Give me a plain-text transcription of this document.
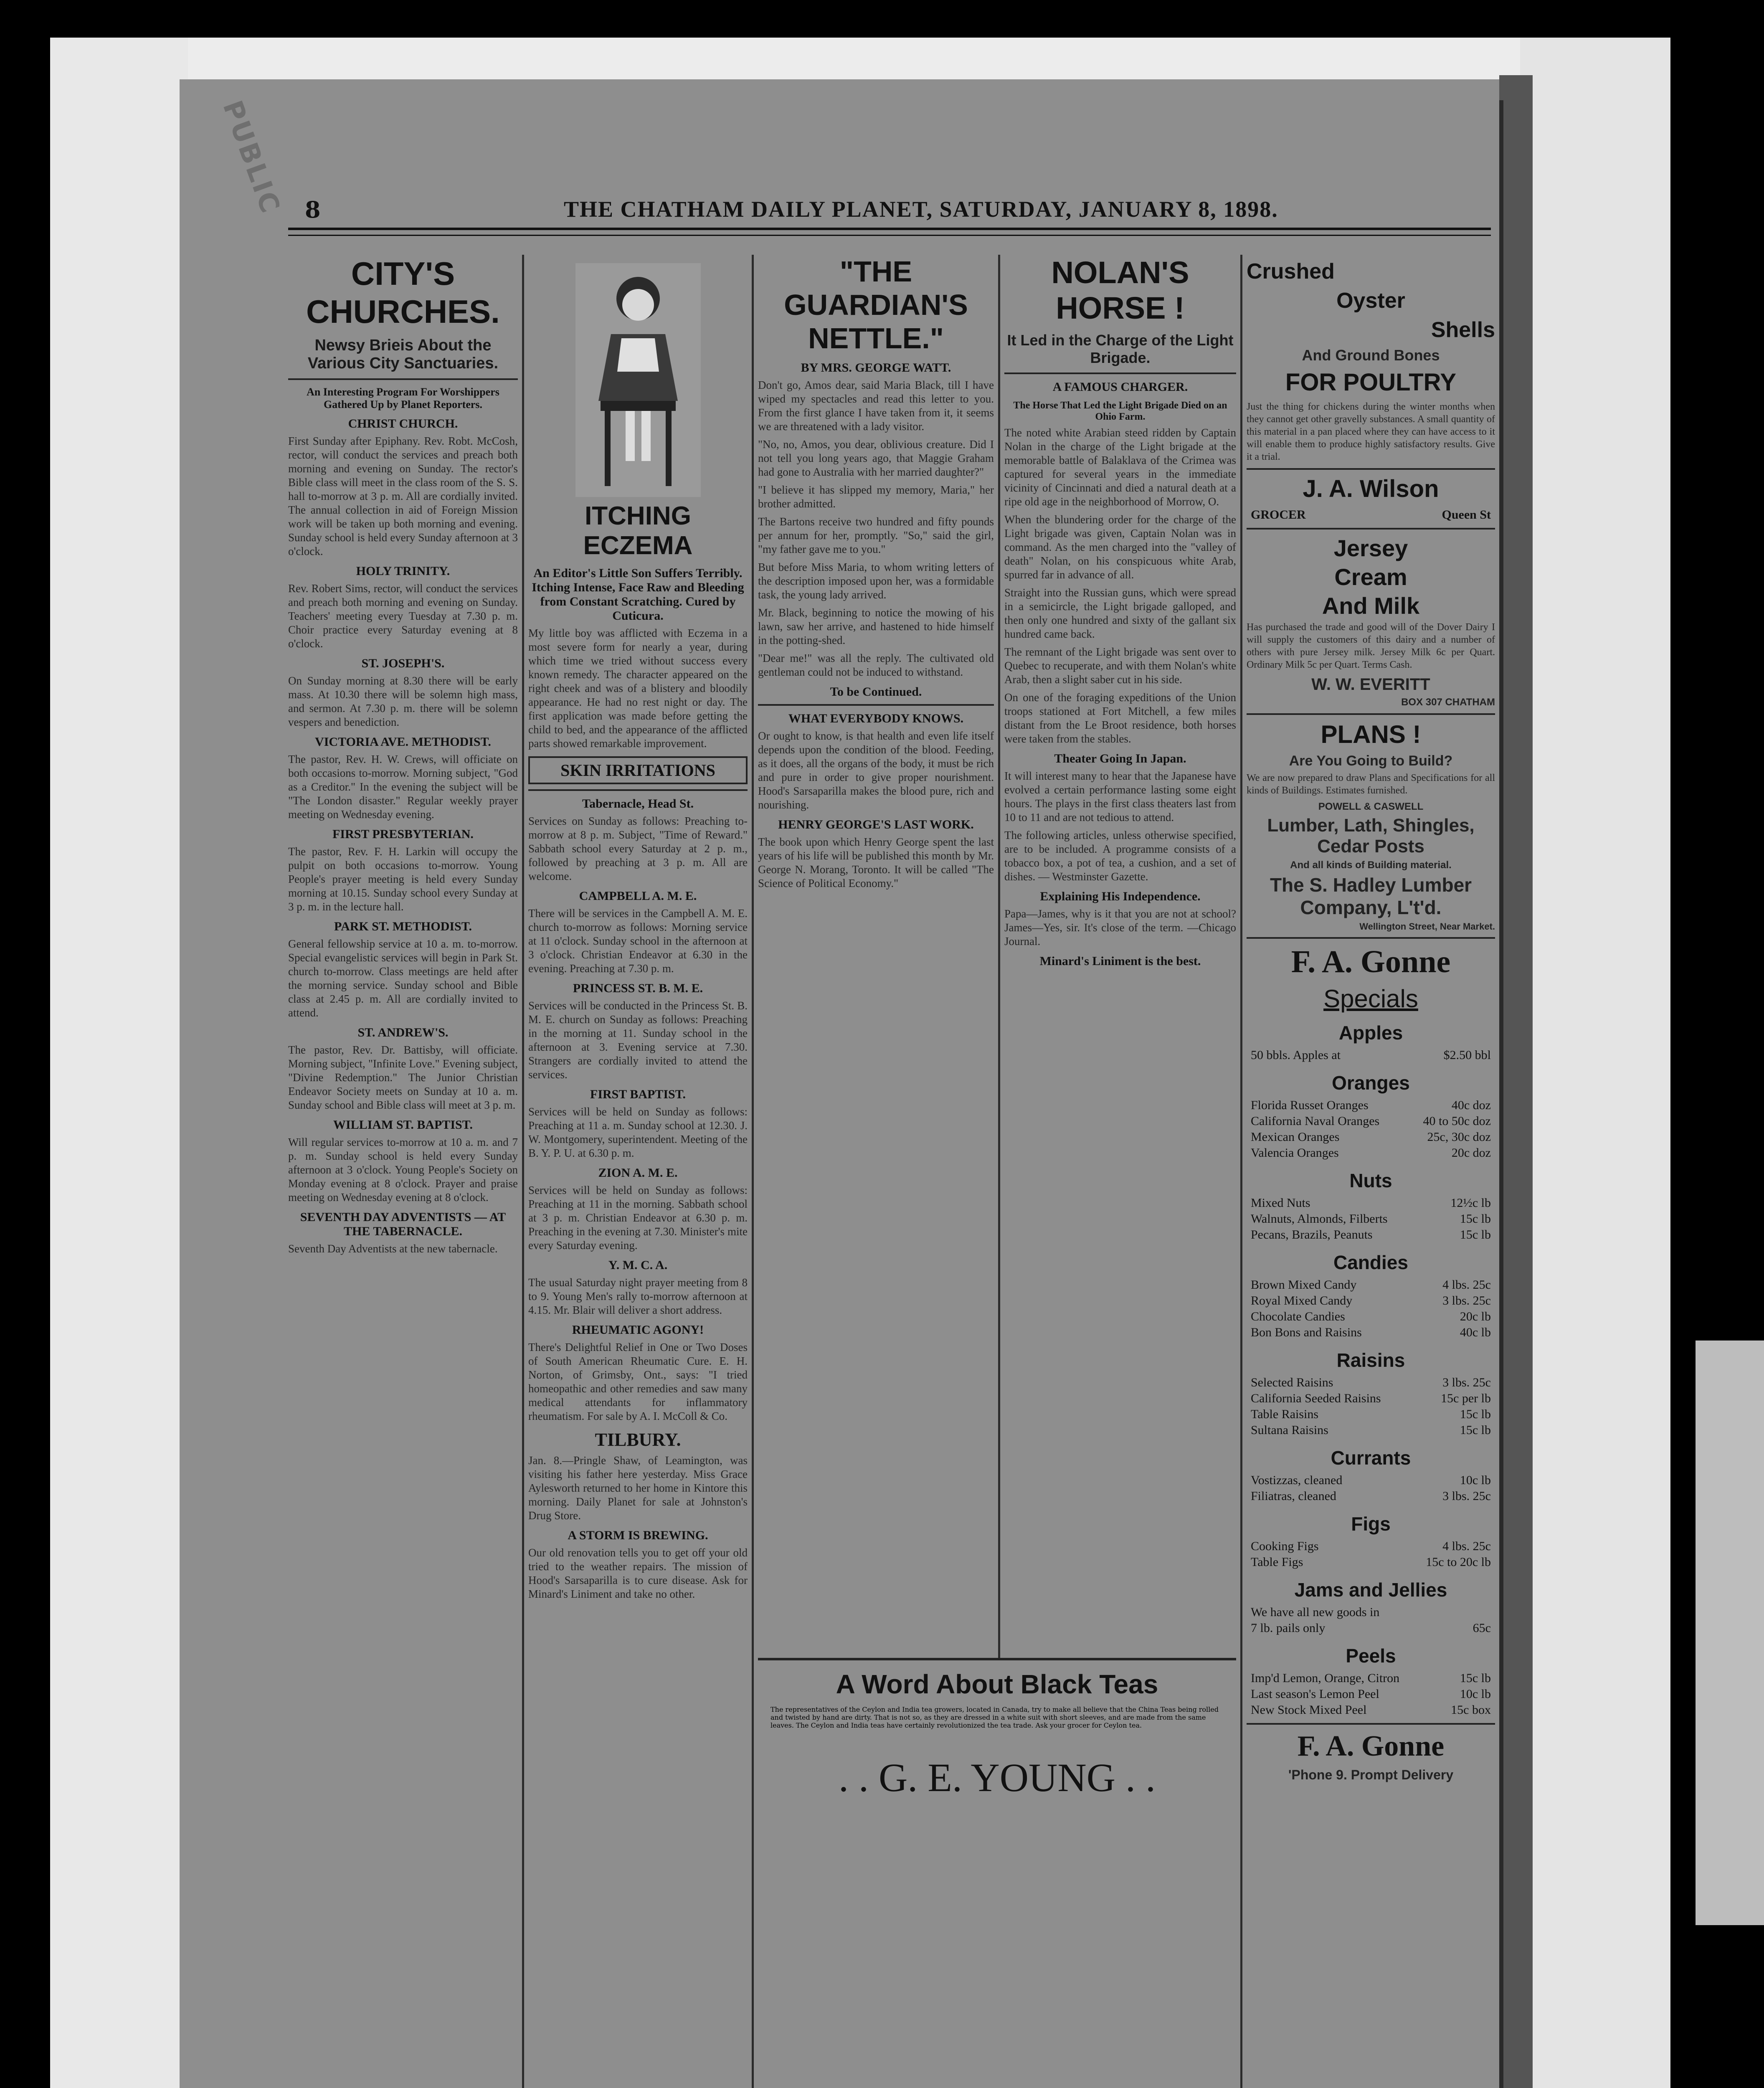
PUBLIC 8	THE CHATHAM DAILY PLANET, SATURDAY, JANUARY 8, 1898.
CITY'S CHURCHES.
Newsy Brieis About the Various City Sanctuaries.
An Interesting Program For Worshippers Gathered Up by Planet Reporters.
CHRIST CHURCH.

First Sunday after Epiphany. Rev. Robt. McCosh, rector, will conduct the services and preach both morning and evening on Sunday. The rector's Bible class will meet in the class room of the S. S. hall to-morrow at 3 p. m. All are cordially invited. The annual collection in aid of Foreign Mission work will be taken up both morning and evening. Sunday school is held every Sunday afternoon at 3 o'clock.

HOLY TRINITY.

Rev. Robert Sims, rector, will conduct the services and preach both morning and evening on Sunday. Teachers' meeting every Tuesday at 7.30 p. m. Choir practice every Saturday evening at 8 o'clock.

ST. JOSEPH'S.

On Sunday morning at 8.30 there will be early mass. At 10.30 there will be solemn high mass, and sermon. At 7.30 p. m. there will be solemn vespers and benediction.

VICTORIA AVE. METHODIST.

The pastor, Rev. H. W. Crews, will officiate on both occasions to-morrow. Morning subject, "God as a Creditor." In the evening the subject will be "The London disaster." Regular weekly prayer meeting on Wednesday evening.

FIRST PRESBYTERIAN.

The pastor, Rev. F. H. Larkin will occupy the pulpit on both occasions to-morrow. Young People's prayer meeting is held every Sunday morning at 10.15. Sunday school every Sunday at 3 p. m. in the lecture hall.

PARK ST. METHODIST.

General fellowship service at 10 a. m. to-morrow. Special evangelistic services will begin in Park St. church to-morrow. Class meetings are held after the morning service. Sunday school and Bible class at 2.45 p. m. All are cordially invited to attend.

ST. ANDREW'S.

The pastor, Rev. Dr. Battisby, will officiate. Morning subject, "Infinite Love." Evening subject, "Divine Redemption." The Junior Christian Endeavor Society meets on Sunday at 10 a. m. Sunday school and Bible class will meet at 3 p. m.

WILLIAM ST. BAPTIST.

Will regular services to-morrow at 10 a. m. and 7 p. m. Sunday school is held every Sunday afternoon at 3 o'clock. Young People's Society on Monday evening at 8 o'clock. Prayer and praise meeting on Wednesday evening at 8 o'clock.

SEVENTH DAY ADVENTISTS — AT THE TABERNACLE.

Seventh Day Adventists at the new tabernacle.

ITCHING ECZEMA
An Editor's Little Son Suffers Terribly. Itching Intense, Face Raw and Bleeding from Constant Scratching. Cured by Cuticura.

My little boy was afflicted with Eczema in a most severe form for nearly a year, during which time we tried without success every known remedy. The character appeared on the right cheek and was of a blistery and bloodily appearance. He had no rest night or day. The first application was made before getting the child to bed, and the appearance of the afflicted parts showed remarkable improvement.

SKIN IRRITATIONS
Tabernacle, Head St.

Services on Sunday as follows: Preaching to-morrow at 8 p. m. Subject, "Time of Reward." Sabbath school every Saturday at 2 p. m., followed by preaching at 3 p. m. All are welcome.

CAMPBELL A. M. E.

There will be services in the Campbell A. M. E. church to-morrow as follows: Morning service at 11 o'clock. Sunday school in the afternoon at 3 o'clock. Christian Endeavor at 6.30 in the evening. Preaching at 7.30 p. m.

PRINCESS ST. B. M. E.

Services will be conducted in the Princess St. B. M. E. church on Sunday as follows: Preaching in the morning at 11. Sunday school in the afternoon at 3. Evening service at 7.30. Strangers are cordially invited to attend the services.

FIRST BAPTIST.

Services will be held on Sunday as follows: Preaching at 11 a. m. Sunday school at 12.30. J. W. Montgomery, superintendent. Meeting of the B. Y. P. U. at 6.30 p. m.

ZION A. M. E.

Services will be held on Sunday as follows: Preaching at 11 in the morning. Sabbath school at 3 p. m. Christian Endeavor at 6.30 p. m. Preaching in the evening at 7.30. Minister's mite every Saturday evening.

Y. M. C. A.

The usual Saturday night prayer meeting from 8 to 9. Young Men's rally to-morrow afternoon at 4.15. Mr. Blair will deliver a short address.

RHEUMATIC AGONY!

There's Delightful Relief in One or Two Doses of South American Rheumatic Cure. E. H. Norton, of Grimsby, Ont., says: "I tried homeopathic and other remedies and saw many medical attendants for inflammatory rheumatism. For sale by A. I. McColl & Co.

TILBURY.

Jan. 8.—Pringle Shaw, of Leamington, was visiting his father here yesterday. Miss Grace Aylesworth returned to her home in Kintore this morning. Daily Planet for sale at Johnston's Drug Store.

A STORM IS BREWING.

Our old renovation tells you to get off your old tried to the weather repairs. The mission of Hood's Sarsaparilla is to cure disease. Ask for Minard's Liniment and take no other.

"THE GUARDIAN'S NETTLE."
BY MRS. GEORGE WATT.

Don't go, Amos dear, said Maria Black, till I have wiped my spectacles and read this letter to you. From the first glance I have taken from it, it seems we are threatened with a lady visitor.

"No, no, Amos, you dear, oblivious creature. Did I not tell you long years ago, that Maggie Graham had gone to Australia with her married daughter?"

"I believe it has slipped my memory, Maria," her brother admitted.

The Bartons receive two hundred and fifty pounds per annum for her, promptly. "So," said the girl, "my father gave me to you."

But before Miss Maria, to whom writing letters of the description imposed upon her, was a formidable task, the young lady arrived.

Mr. Black, beginning to notice the mowing of his lawn, saw her arrive, and hastened to hide himself in the potting-shed.

"Dear me!" was all the reply. The cultivated old gentleman could not be induced to withstand.

To be Continued.
WHAT EVERYBODY KNOWS.

Or ought to know, is that health and even life itself depends upon the condition of the blood. Feeding, as it does, all the organs of the body, it must be rich and pure in order to give proper nourishment. Hood's Sarsaparilla makes the blood pure, rich and nourishing.

HENRY GEORGE'S LAST WORK.

The book upon which Henry George spent the last years of his life will be published this month by Mr. George N. Morang, Toronto. It will be called "The Science of Political Economy."

NOLAN'S HORSE !
It Led in the Charge of the Light Brigade.
A FAMOUS CHARGER.
The Horse That Led the Light Brigade Died on an Ohio Farm.

The noted white Arabian steed ridden by Captain Nolan in the charge of the Light brigade at the memorable battle of Balaklava of the Crimea was captured for several years in the immediate vicinity of Cincinnati and died a natural death at a ripe old age in the neighborhood of Morrow, O.

When the blundering order for the charge of the Light brigade was given, Captain Nolan was in command. As the men charged into the "valley of death" Nolan, on his conspicuous white Arab, spurred far in advance of all.

Straight into the Russian guns, which were spread in a semicircle, the Light brigade galloped, and then only one hundred and sixty of the gallant six hundred came back.

The remnant of the Light brigade was sent over to Quebec to recuperate, and with them Nolan's white Arab, then a slight saber cut in his side.

On one of the foraging expeditions of the Union troops stationed at Fort Mitchell, a few miles distant from the Le Broot residence, both horses were taken from the stables.

Theater Going In Japan.

It will interest many to hear that the Japanese have evolved a certain performance lasting some eight hours. The plays in the first class theaters last from 10 to 11 and are not tedious to attend.

The following articles, unless otherwise specified, are to be included. A programme consists of a tobacco box, a pot of tea, a cushion, and a set of dishes. — Westminster Gazette.

Explaining His Independence.

Papa—James, why is it that you are not at school? James—Yes, sir. It's close of the term. —Chicago Journal.

Minard's Liniment is the best.
A Word About Black Teas

The representatives of the Ceylon and India tea growers, located in Canada, try to make all believe that the China Teas being rolled and twisted by hand are dirty. That is not so, as they are dressed in a white suit with short sleeves, and are made from the same leaves. The Ceylon and India teas have certainly revolutionized the tea trade. Ask your grocer for Ceylon tea.

. . G. E. YOUNG . .
Crushed
Oyster
Shells
And Ground Bones
FOR POULTRY

Just the thing for chickens during the winter months when they cannot get other gravelly substances. A small quantity of this material in a pan placed where they can have access to it will enable them to produce highly satisfactory results. Give it a trial.

J. A. Wilson
GROCER	Queen St
Jersey
Cream
And Milk

Has purchased the trade and good will of the Dover Dairy I will supply the customers of this dairy and a number of others with pure Jersey milk. Jersey Milk 6c per Quart. Ordinary Milk 5c per Quart. Terms Cash.

W. W. EVERITT
BOX 307 CHATHAM
PLANS !
Are You Going to Build?

We are now prepared to draw Plans and Specifications for all kinds of Buildings. Estimates furnished.

POWELL & CASWELL
Lumber, Lath, Shingles, Cedar Posts
And all kinds of Building material.
The S. Hadley Lumber Company, L't'd.
Wellington Street, Near Market.
F. A. Gonne
Specials
Apples
50 bbls. Apples at	$2.50 bbl
Oranges
Florida Russet Oranges	40c doz
California Naval Oranges	40 to 50c doz
Mexican Oranges	25c, 30c doz
Valencia Oranges	20c doz
Nuts
Mixed Nuts	12½c lb
Walnuts, Almonds, Filberts	15c lb
Pecans, Brazils, Peanuts	15c lb
Candies
Brown Mixed Candy	4 lbs. 25c
Royal Mixed Candy	3 lbs. 25c
Chocolate Candies	20c lb
Bon Bons and Raisins	40c lb
Raisins
Selected Raisins	3 lbs. 25c
California Seeded Raisins	15c per lb
Table Raisins	15c lb
Sultana Raisins	15c lb
Currants
Vostizzas, cleaned	10c lb
Filiatras, cleaned	3 lbs. 25c
Figs
Cooking Figs	4 lbs. 25c
Table Figs	15c to 20c lb
Jams and Jellies
We have all new goods in
7 lb. pails only	65c
Peels
Imp'd Lemon, Orange, Citron	15c lb
Last season's Lemon Peel	10c lb
New Stock Mixed Peel	15c box
F. A. Gonne
'Phone 9. Prompt Delivery
